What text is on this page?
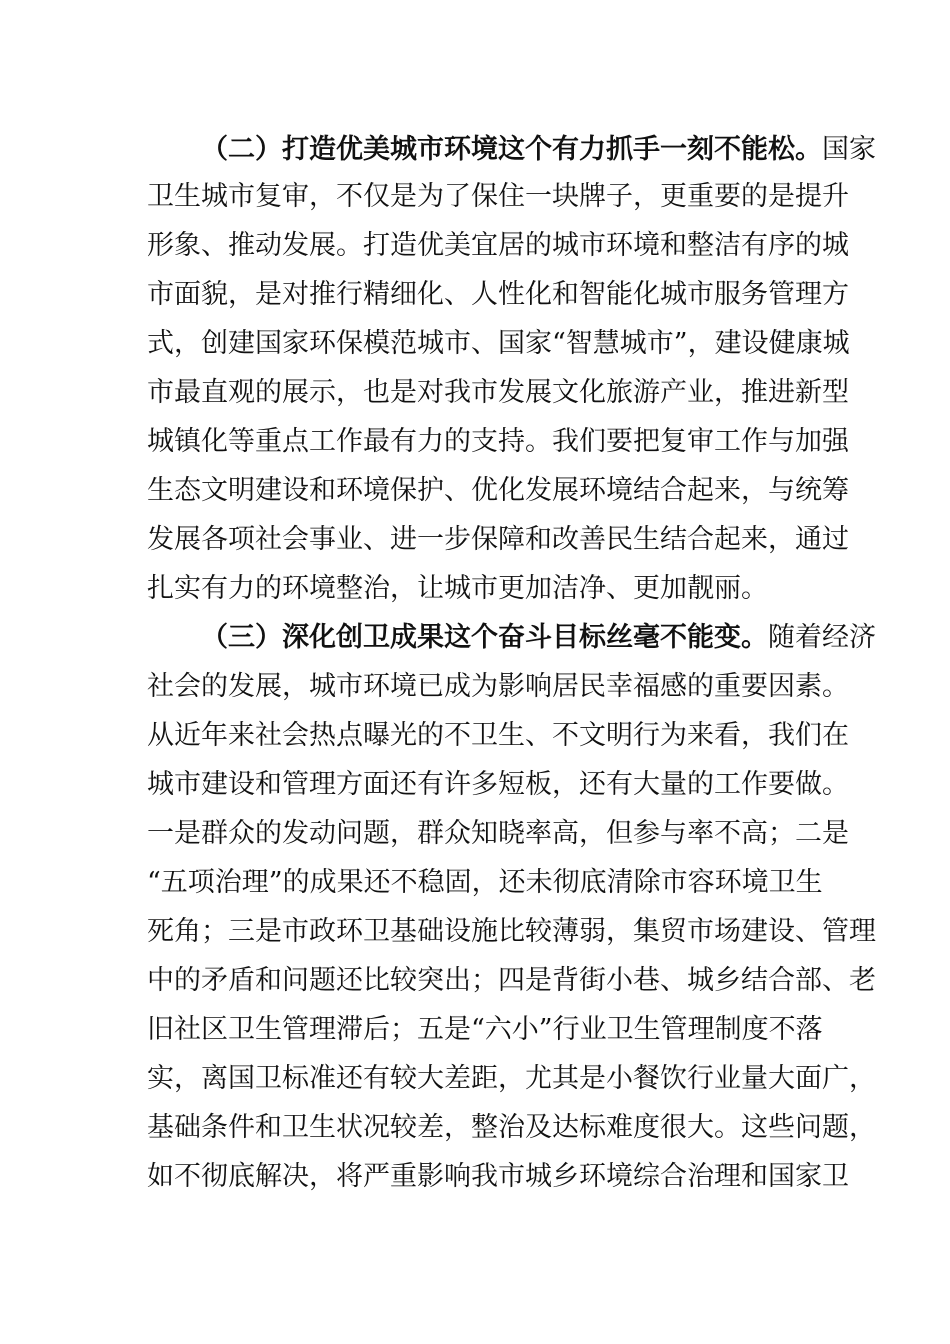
（二）打造优美城市环境这个有力抓手一刻不能松。国家
卫生城市复审，不仅是为了保住一块牌子，更重要的是提升
形象、推动发展。打造优美宜居的城市环境和整洁有序的城
市面貌，是对推行精细化、人性化和智能化城市服务管理方
式，创建国家环保模范城市、国家“智慧城市”，建设健康城
市最直观的展示，也是对我市发展文化旅游产业，推进新型
城镇化等重点工作最有力的支持。我们要把复审工作与加强
生态文明建设和环境保护、优化发展环境结合起来，与统筹
发展各项社会事业、进一步保障和改善民生结合起来，通过
扎实有力的环境整治，让城市更加洁净、更加靓丽。
（三）深化创卫成果这个奋斗目标丝毫不能变。随着经济
社会的发展，城市环境已成为影响居民幸福感的重要因素。
从近年来社会热点曝光的不卫生、不文明行为来看，我们在
城市建设和管理方面还有许多短板，还有大量的工作要做。
一是群众的发动问题，群众知晓率高，但参与率不高；二是
“五项治理”的成果还不稳固，还未彻底清除市容环境卫生
死角；三是市政环卫基础设施比较薄弱，集贸市场建设、管理
中的矛盾和问题还比较突出；四是背街小巷、城乡结合部、老
旧社区卫生管理滞后；五是“六小”行业卫生管理制度不落
实，离国卫标准还有较大差距，尤其是小餐饮行业量大面广，
基础条件和卫生状况较差，整治及达标难度很大。这些问题，
如不彻底解决，将严重影响我市城乡环境综合治理和国家卫
